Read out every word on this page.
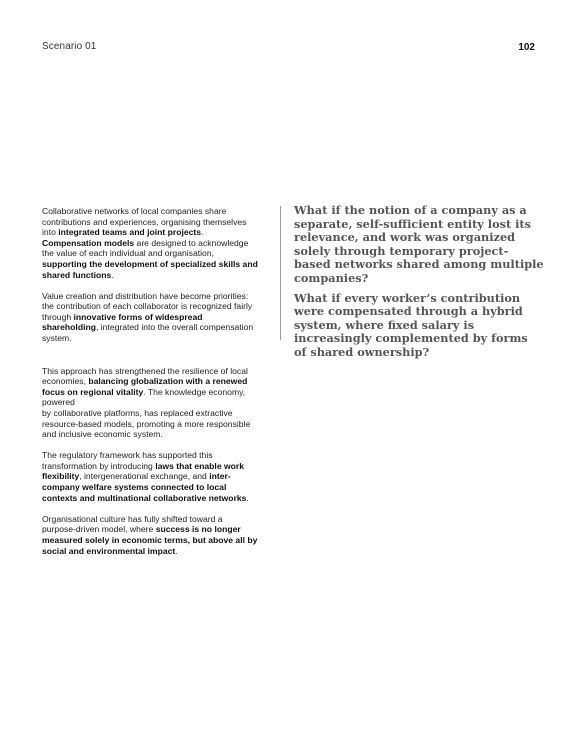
Scenario 01	102

Collaborative networks of local companies share contributions and experiences, organising themselves into integrated teams and joint projects. Compensation models are designed to acknowledge the value of each individual and organisation, supporting the development of specialized skills and shared functions.

Value creation and distribution have become priorities: the contribution of each collaborator is recognized fairly through innovative forms of widespread shareholding, integrated into the overall compensation system.

This approach has strengthened the resilience of local economies, balancing globalization with a renewed focus on regional vitality. The knowledge economy, powered
by collaborative platforms, has replaced extractive resource-based models, promoting a more responsible and inclusive economic system.

The regulatory framework has supported this transformation by introducing laws that enable work flexibility, intergenerational exchange, and inter-company welfare systems connected to local contexts and multinational collaborative networks.

Organisational culture has fully shifted toward a purpose-driven model, where success is no longer measured solely in economic terms, but above all by social and environmental impact.

What if the notion of a company as a separate, self-sufficient entity lost its relevance, and work was organized solely through temporary project-based networks shared among multiple companies?

What if every worker’s contribution were compensated through a hybrid system, where fixed salary is increasingly complemented by forms of shared ownership?
